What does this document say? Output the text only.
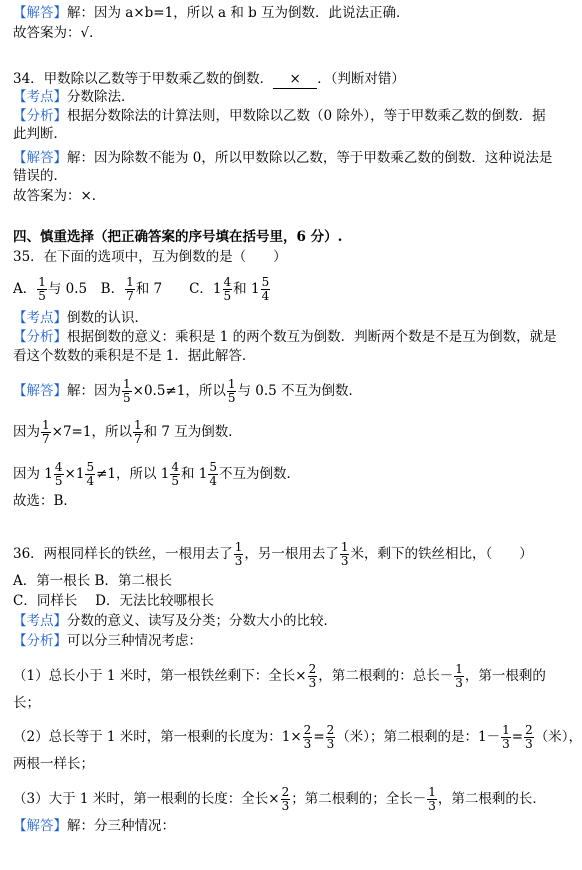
【解答】解：因为 a×b=1，所以 a 和 b 互为倒数．此说法正确．
故答案为：√．
34．甲数除以乙数等于甲数乘乙数的倒数． × ．（判断对错）
【考点】分数除法．
【分析】根据分数除法的计算法则，甲数除以乙数（0 除外），等于甲数乘乙数的倒数．据
此判断．
【解答】解：因为除数不能为 0，所以甲数除以乙数，等于甲数乘乙数的倒数．这种说法是
错误的．
故答案为：×．
四、慎重选择（把正确答案的序号填在括号里，6 分）.
35．在下面的选项中，互为倒数的是（　　）
A． $\frac{1}{5}$ 与 0.5　B． $\frac{1}{7}$ 和 7　　C．$1 \frac{4}{5}$ 和 $1 \frac{5}{4}$
【考点】倒数的认识．
【分析】根据倒数的意义：乘积是 1 的两个数互为倒数．判断两个数是不是互为倒数，就是
看这个数数的乘积是不是 1．据此解答．
【解答】解：因为 $\frac{1}{5} \times 0.5\ne 1$，所以 $\frac{1}{5}$ 与 0.5 不互为倒数．
因为 $\frac{1}{7} \times 7=1$，所以 $\frac{1}{7}$ 和 7 互为倒数．
因为 $1 \frac{4}{5} \times 1 \frac{5}{4} \ne 1$，所以 $1 \frac{4}{5}$ 和 $1 \frac{5}{4}$ 不互为倒数．
故选：B．
36．两根同样长的铁丝，一根用去了 $\frac{1}{3}$ ，另一根用去了 $\frac{1}{3}$ 米，剩下的铁丝相比，（　　）
A．第一根长 B．第二根长
C．同样长　 D．无法比较哪根长
【考点】分数的意义、读写及分类；分数大小的比较．
【分析】可以分三种情况考虑：
（1）总长小于 1 米时，第一根铁丝剩下：全长× $\frac{2}{3}$ ，第二根剩的：总长－ $\frac{1}{3}$ ，第一根剩的
长；
（2）总长等于 1 米时，第一根剩的长度为：$1\times \frac{2}{3} = \frac{2}{3}$ （米）；第二根剩的是：$1- \frac{1}{3} = \frac{2}{3}$ （米），
两根一样长；
（3）大于 1 米时，第一根剩的长度：全长× $\frac{2}{3}$ ；第二根剩的；全长－ $\frac{1}{3}$ ，第二根剩的长．
【解答】解：分三种情况：
